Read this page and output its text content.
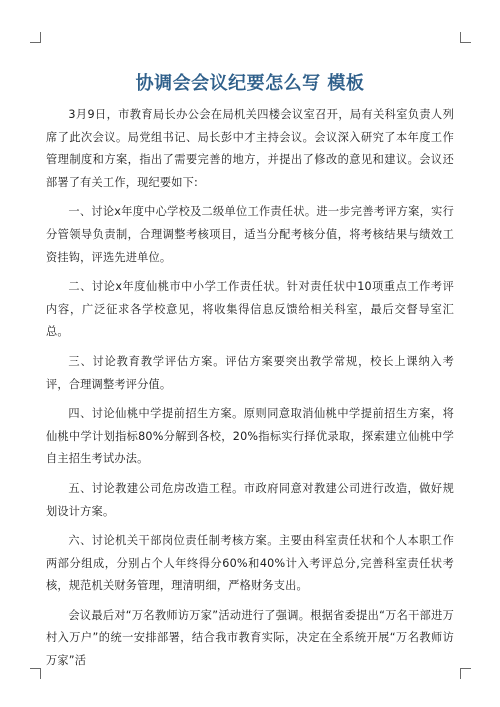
协调会会议纪要怎么写 模板

3月9日，市教育局长办公会在局机关四楼会议室召开，局有关科室负责人列席了此次会议。局党组书记、局长彭中才主持会议。会议深入研究了本年度工作管理制度和方案，指出了需要完善的地方，并提出了修改的意见和建议。会议还部署了有关工作，现纪要如下:

一、讨论x年度中心学校及二级单位工作责任状。进一步完善考评方案，实行分管领导负责制，合理调整考核项目，适当分配考核分值，将考核结果与绩效工资挂钩，评选先进单位。

二、讨论x年度仙桃市中小学工作责任状。针对责任状中10项重点工作考评内容，广泛征求各学校意见，将收集得信息反馈给相关科室，最后交督导室汇总。

三、讨论教育教学评估方案。评估方案要突出教学常规，校长上课纳入考评，合理调整考评分值。

四、讨论仙桃中学提前招生方案。原则同意取消仙桃中学提前招生方案，将仙桃中学计划指标80%分解到各校，20%指标实行择优录取，探索建立仙桃中学自主招生考试办法。

五、讨论教建公司危房改造工程。市政府同意对教建公司进行改造，做好规划设计方案。

六、讨论机关干部岗位责任制考核方案。主要由科室责任状和个人本职工作两部分组成，分别占个人年终得分60%和40%计入考评总分,完善科室责任状考核，规范机关财务管理，理清明细，严格财务支出。

会议最后对“万名教师访万家”活动进行了强调。根据省委提出“万名干部进万村入万户”的统一安排部署，结合我市教育实际，决定在全系统开展“万名教师访万家”活
